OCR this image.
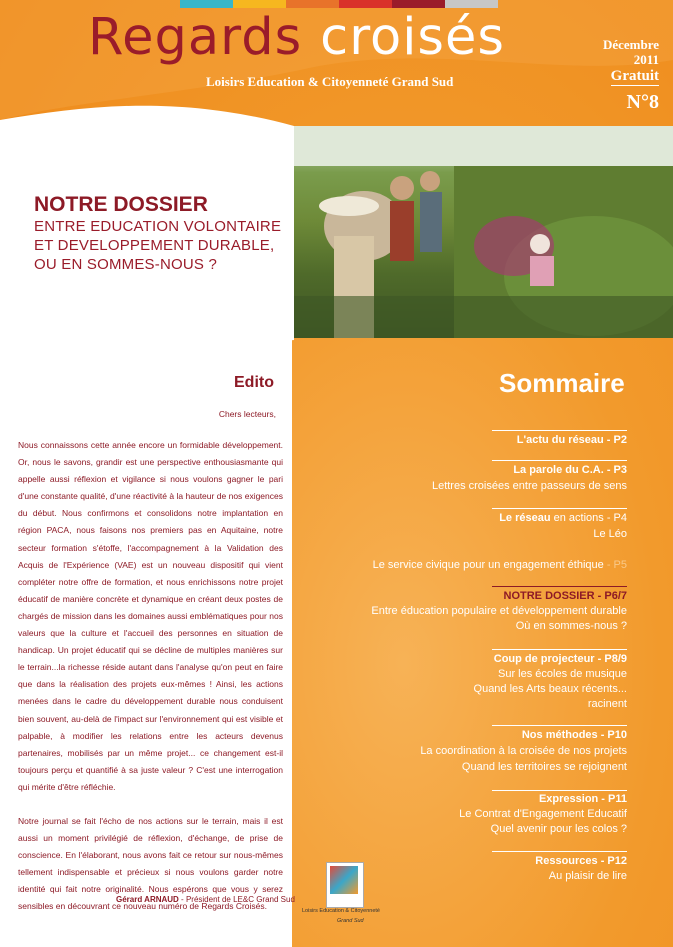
Regards croisés
Loisirs Education & Citoyenneté Grand Sud
Décembre
2011
Gratuit
N°8
NOTRE DOSSIER
ENTRE EDUCATION VOLONTAIRE
ET DEVELOPPEMENT DURABLE,
OU EN SOMMES-NOUS ?
Edito
Chers lecteurs,

Nous connaissons cette année encore un formidable développement. Or, nous le savons, grandir est une perspective enthousiasmante qui appelle aussi réflexion et vigilance si nous voulons gagner le pari d'une constante qualité, d'une réactivité à la hauteur de nos exigences du début. Nous confirmons et consolidons notre implantation en région PACA, nous faisons nos premiers pas en Aquitaine, notre secteur formation s'étoffe, l'accompagnement à la Validation des Acquis de l'Expérience (VAE) est un nouveau dispositif qui vient compléter notre offre de formation, et nous enrichissons notre projet éducatif de manière concrète et dynamique en créant deux postes de chargés de mission dans les domaines aussi emblématiques pour nos valeurs que la culture et l'accueil des personnes en situation de handicap. Un projet éducatif qui se décline de multiples manières sur le terrain...la richesse réside autant dans l'analyse qu'on peut en faire que dans la réalisation des projets eux-mêmes ! Ainsi, les actions menées dans le cadre du développement durable nous conduisent bien souvent, au-delà de l'impact sur l'environnement qui est visible et palpable, à modifier les relations entre les acteurs devenus partenaires, mobilisés par un même projet... ce changement est-il toujours perçu et quantifié à sa juste valeur ? C'est une interrogation qui mérite d'être réfléchie.

Notre journal se fait l'écho de nos actions sur le terrain, mais il est aussi un moment privilégié de réflexion, d'échange, de prise de conscience. En l'élaborant, nous avons fait ce retour sur nous-mêmes tellement indispensable et précieux si nous voulons garder notre identité qui fait notre originalité. Nous espérons que vous y serez sensibles en découvrant ce nouveau numéro de Regards Croisés.

Gérard ARNAUD - Président de LE&C Grand Sud
Loisirs Education & Citoyenneté
Grand Sud
Sommaire
L'actu du réseau - P2
La parole du C.A. - P3
Lettres croisées entre passeurs de sens
Le réseau en actions - P4
Le Léo
Le service civique pour un engagement éthique - P5
NOTRE DOSSIER - P6/7
Entre éducation populaire et développement durable
Où en sommes-nous ?
Coup de projecteur - P8/9
Sur les écoles de musique
Quand les Arts beaux récents...
racinent
Nos méthodes - P10
La coordination à la croisée de nos projets
Quand les territoires se rejoignent
Expression - P11
Le Contrat d'Engagement Educatif
Quel avenir pour les colos ?
Ressources - P12
Au plaisir de lire
